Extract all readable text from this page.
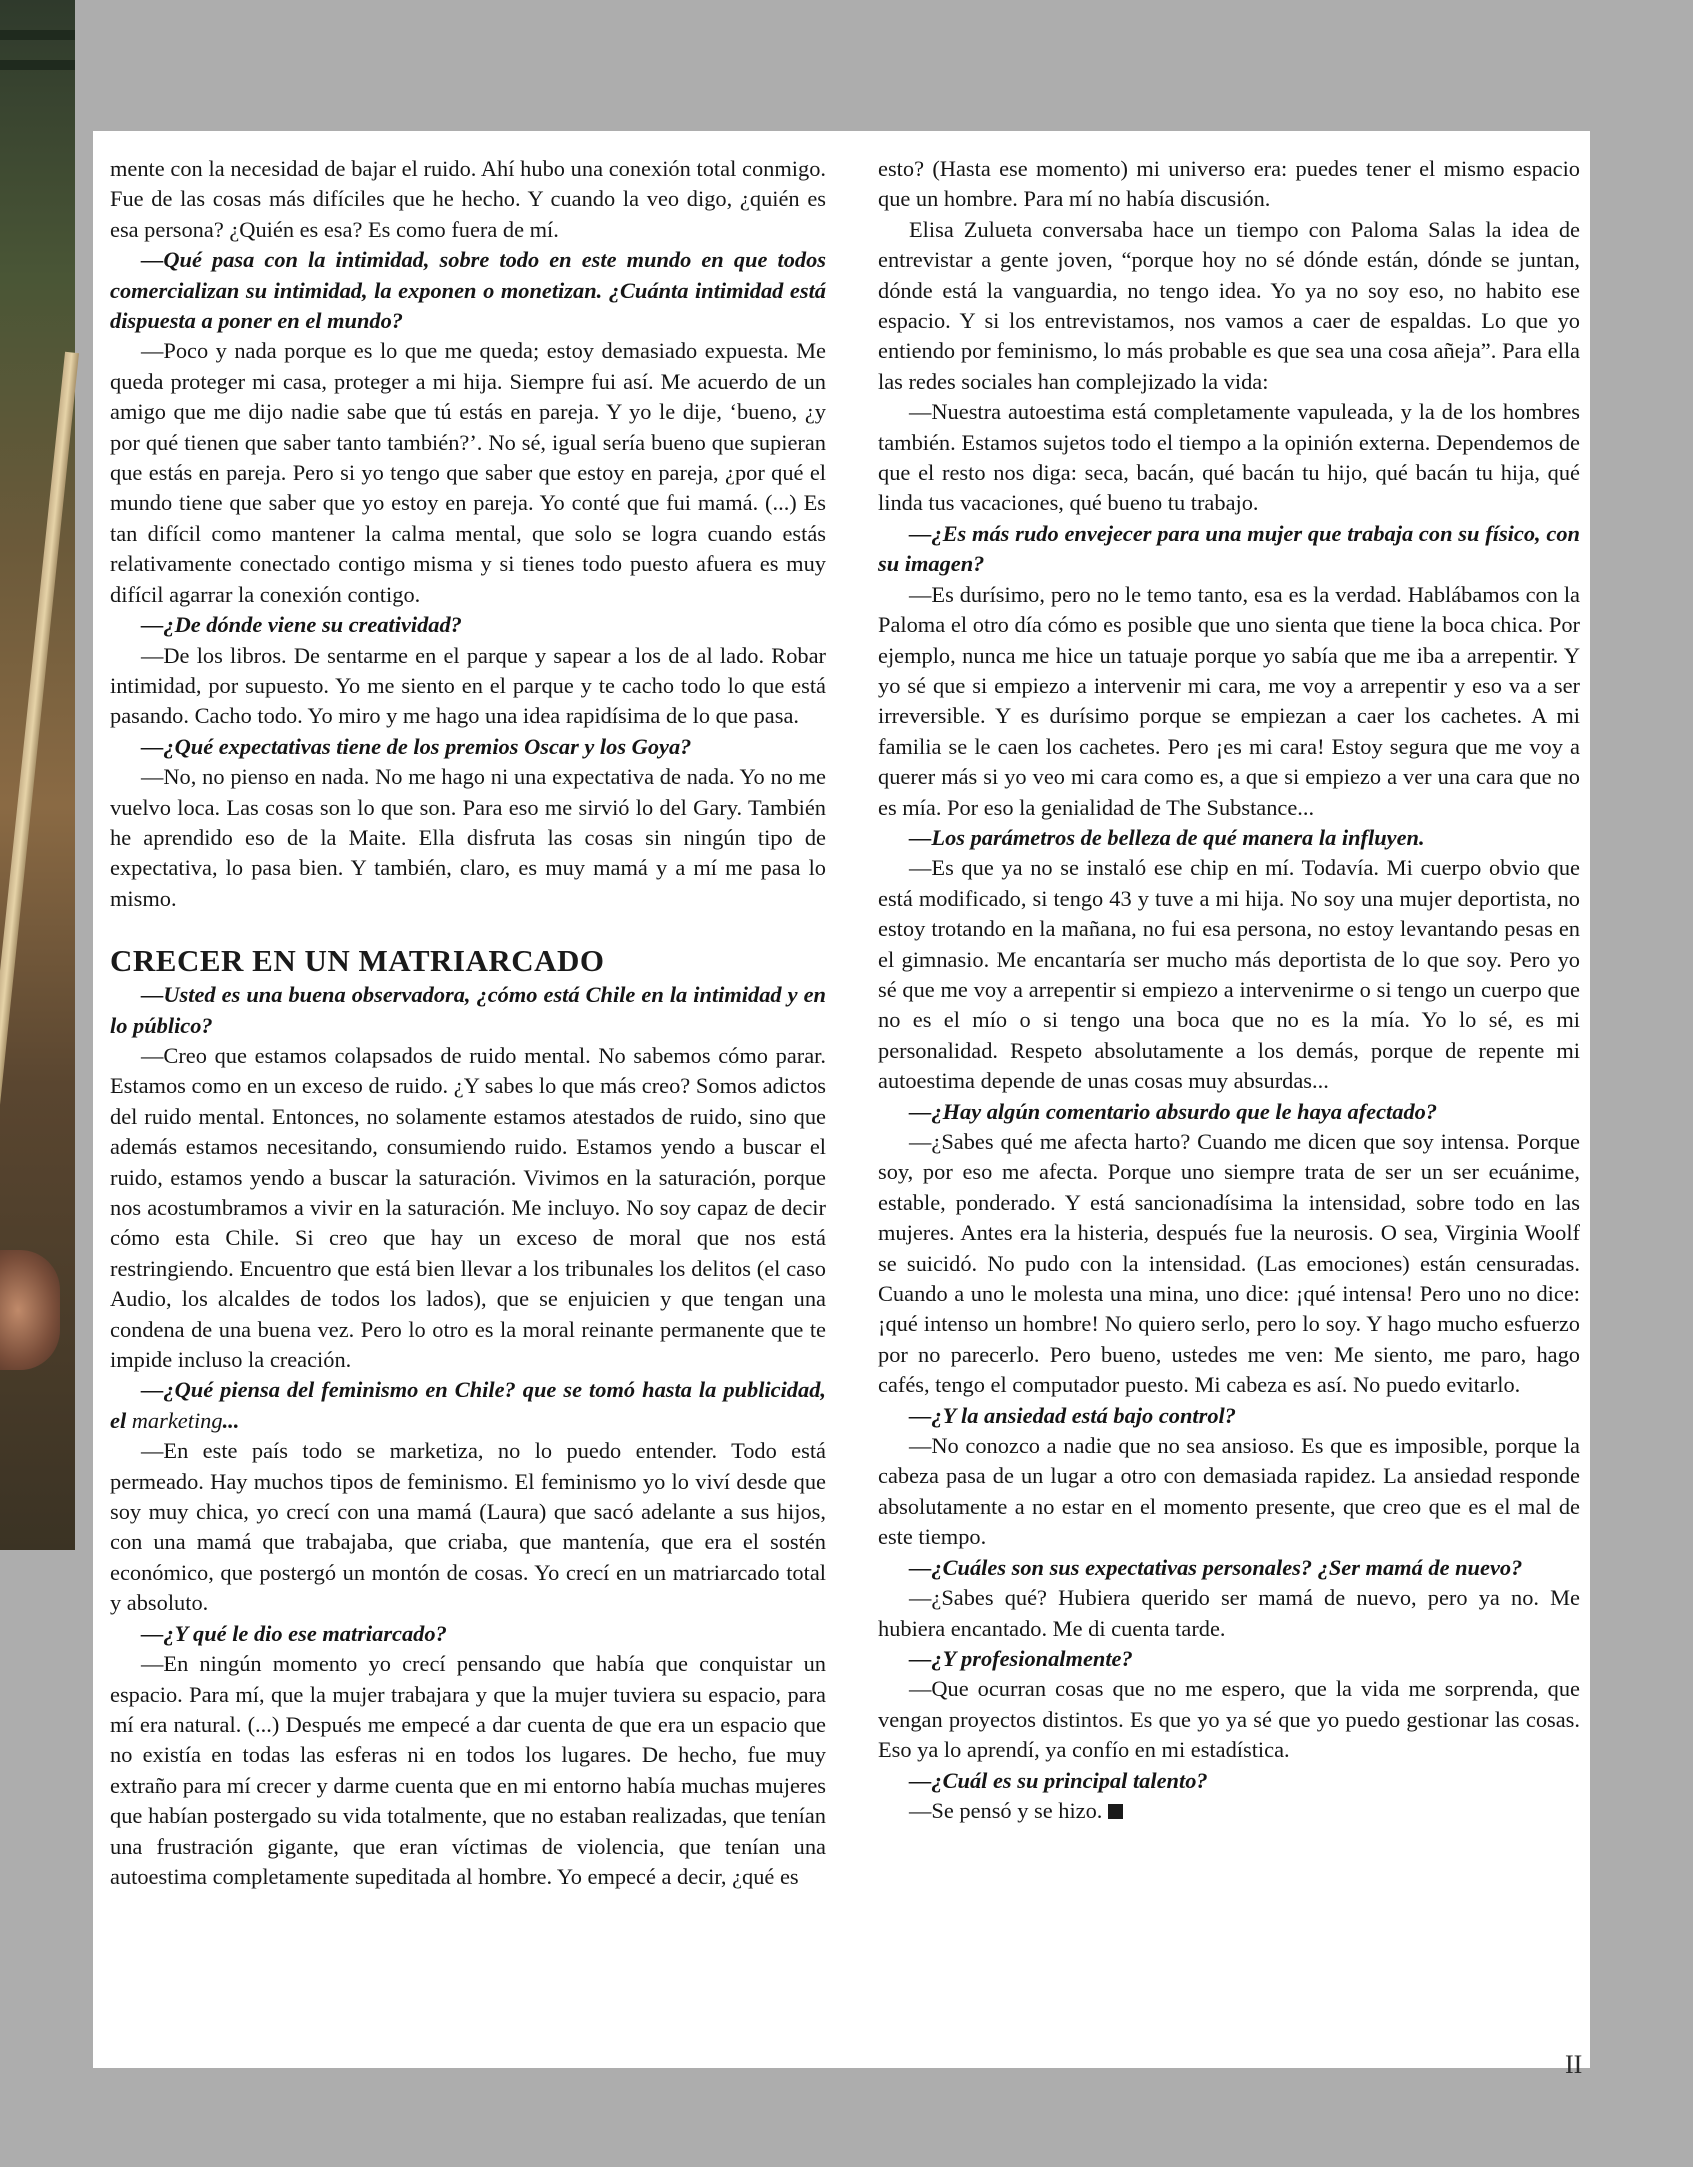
mente con la necesidad de bajar el ruido. Ahí hubo una conexión total conmigo. Fue de las cosas más difíciles que he hecho. Y cuando la veo digo, ¿quién es esa persona? ¿Quién es esa? Es como fuera de mí.

—Qué pasa con la intimidad, sobre todo en este mundo en que todos comercializan su intimidad, la exponen o monetizan. ¿Cuánta intimidad está dispuesta a poner en el mundo?

—Poco y nada porque es lo que me queda; estoy demasiado expuesta. Me queda proteger mi casa, proteger a mi hija. Siempre fui así. Me acuerdo de un amigo que me dijo nadie sabe que tú estás en pareja. Y yo le dije, ‘bueno, ¿y por qué tienen que saber tanto también?’. No sé, igual sería bueno que supieran que estás en pareja. Pero si yo tengo que saber que estoy en pareja, ¿por qué el mundo tiene que saber que yo estoy en pareja. Yo conté que fui mamá. (...) Es tan difícil como mantener la calma mental, que solo se logra cuando estás relativamente conectado contigo misma y si tienes todo puesto afuera es muy difícil agarrar la conexión contigo.

—¿De dónde viene su creatividad?

—De los libros. De sentarme en el parque y sapear a los de al lado. Robar intimidad, por supuesto. Yo me siento en el parque y te cacho todo lo que está pasando. Cacho todo. Yo miro y me hago una idea rapidísima de lo que pasa.

—¿Qué expectativas tiene de los premios Oscar y los Goya?

—No, no pienso en nada. No me hago ni una expectativa de nada. Yo no me vuelvo loca. Las cosas son lo que son. Para eso me sirvió lo del Gary. También he aprendido eso de la Maite. Ella disfruta las cosas sin ningún tipo de expectativa, lo pasa bien. Y también, claro, es muy mamá y a mí me pasa lo mismo.

CRECER EN UN MATRIARCADO

—Usted es una buena observadora, ¿cómo está Chile en la intimidad y en lo público?

—Creo que estamos colapsados de ruido mental. No sabemos cómo parar. Estamos como en un exceso de ruido. ¿Y sabes lo que más creo? Somos adictos del ruido mental. Entonces, no solamente estamos atestados de ruido, sino que además estamos necesitando, consumiendo ruido. Estamos yendo a buscar el ruido, estamos yendo a buscar la saturación. Vivimos en la saturación, porque nos acostumbramos a vivir en la saturación. Me incluyo. No soy capaz de decir cómo esta Chile. Si creo que hay un exceso de moral que nos está restringiendo. Encuentro que está bien llevar a los tribunales los delitos (el caso Audio, los alcaldes de todos los lados), que se enjuicien y que tengan una condena de una buena vez. Pero lo otro es la moral reinante permanente que te impide incluso la creación.

—¿Qué piensa del feminismo en Chile? que se tomó hasta la publicidad, el marketing...

—En este país todo se marketiza, no lo puedo entender. Todo está permeado. Hay muchos tipos de feminismo. El feminismo yo lo viví desde que soy muy chica, yo crecí con una mamá (Laura) que sacó adelante a sus hijos, con una mamá que trabajaba, que criaba, que mantenía, que era el sostén económico, que postergó un montón de cosas. Yo crecí en un matriarcado total y absoluto.

—¿Y qué le dio ese matriarcado?

—En ningún momento yo crecí pensando que había que conquistar un espacio. Para mí, que la mujer trabajara y que la mujer tuviera su espacio, para mí era natural. (...) Después me empecé a dar cuenta de que era un espacio que no existía en todas las esferas ni en todos los lugares. De hecho, fue muy extraño para mí crecer y darme cuenta que en mi entorno había muchas mujeres que habían postergado su vida totalmente, que no estaban realizadas, que tenían una frustración gigante, que eran víctimas de violencia, que tenían una autoestima completamente supeditada al hombre. Yo empecé a decir, ¿qué es

esto? (Hasta ese momento) mi universo era: puedes tener el mismo espacio que un hombre. Para mí no había discusión.

Elisa Zulueta conversaba hace un tiempo con Paloma Salas la idea de entrevistar a gente joven, “porque hoy no sé dónde están, dónde se juntan, dónde está la vanguardia, no tengo idea. Yo ya no soy eso, no habito ese espacio. Y si los entrevistamos, nos vamos a caer de espaldas. Lo que yo entiendo por feminismo, lo más probable es que sea una cosa añeja”. Para ella las redes sociales han complejizado la vida:

—Nuestra autoestima está completamente vapuleada, y la de los hombres también. Estamos sujetos todo el tiempo a la opinión externa. Dependemos de que el resto nos diga: seca, bacán, qué bacán tu hijo, qué bacán tu hija, qué linda tus vacaciones, qué bueno tu trabajo.

—¿Es más rudo envejecer para una mujer que trabaja con su físico, con su imagen?

—Es durísimo, pero no le temo tanto, esa es la verdad. Hablábamos con la Paloma el otro día cómo es posible que uno sienta que tiene la boca chica. Por ejemplo, nunca me hice un tatuaje porque yo sabía que me iba a arrepentir. Y yo sé que si empiezo a intervenir mi cara, me voy a arrepentir y eso va a ser irreversible. Y es durísimo porque se empiezan a caer los cachetes. A mi familia se le caen los cachetes. Pero ¡es mi cara! Estoy segura que me voy a querer más si yo veo mi cara como es, a que si empiezo a ver una cara que no es mía. Por eso la genialidad de The Substance...

—Los parámetros de belleza de qué manera la influyen.

—Es que ya no se instaló ese chip en mí. Todavía. Mi cuerpo obvio que está modificado, si tengo 43 y tuve a mi hija. No soy una mujer deportista, no estoy trotando en la mañana, no fui esa persona, no estoy levantando pesas en el gimnasio. Me encantaría ser mucho más deportista de lo que soy. Pero yo sé que me voy a arrepentir si empiezo a intervenirme o si tengo un cuerpo que no es el mío o si tengo una boca que no es la mía. Yo lo sé, es mi personalidad. Respeto absolutamente a los demás, porque de repente mi autoestima depende de unas cosas muy absurdas...

—¿Hay algún comentario absurdo que le haya afectado?

—¿Sabes qué me afecta harto? Cuando me dicen que soy intensa. Porque soy, por eso me afecta. Porque uno siempre trata de ser un ser ecuánime, estable, ponderado. Y está sancionadísima la intensidad, sobre todo en las mujeres. Antes era la histeria, después fue la neurosis. O sea, Virginia Woolf se suicidó. No pudo con la intensidad. (Las emociones) están censuradas. Cuando a uno le molesta una mina, uno dice: ¡qué intensa! Pero uno no dice: ¡qué intenso un hombre! No quiero serlo, pero lo soy. Y hago mucho esfuerzo por no parecerlo. Pero bueno, ustedes me ven: Me siento, me paro, hago cafés, tengo el computador puesto. Mi cabeza es así. No puedo evitarlo.

—¿Y la ansiedad está bajo control?

—No conozco a nadie que no sea ansioso. Es que es imposible, porque la cabeza pasa de un lugar a otro con demasiada rapidez. La ansiedad responde absolutamente a no estar en el momento presente, que creo que es el mal de este tiempo.

—¿Cuáles son sus expectativas personales? ¿Ser mamá de nuevo?

—¿Sabes qué? Hubiera querido ser mamá de nuevo, pero ya no. Me hubiera encantado. Me di cuenta tarde.

—¿Y profesionalmente?

—Que ocurran cosas que no me espero, que la vida me sorprenda, que vengan proyectos distintos. Es que yo ya sé que yo puedo gestionar las cosas. Eso ya lo aprendí, ya confío en mi estadística.

—¿Cuál es su principal talento?

—Se pensó y se hizo.

II
